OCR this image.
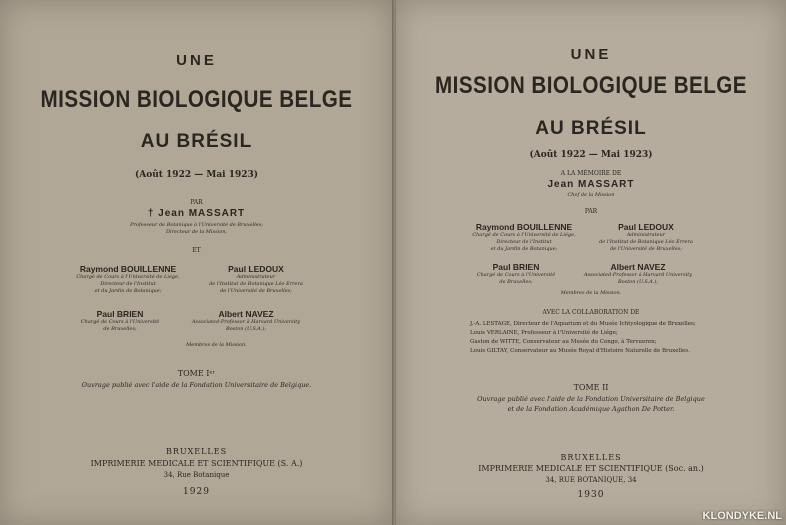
UNE
MISSION BIOLOGIQUE BELGE
AU BRÉSIL
(Août 1922 — Mai 1923)
PAR
† Jean MASSART
Professeur de Botanique à l'Université de Bruxelles;
Directeur de la Mission,
ET
Raymond BOUILLENNE
Chargé de Cours à l'Université de Liége,
Directeur de l'Institut
et du Jardin de Botanique;
Paul LEDOUX
Administrateur
de l'Institut de Botanique Léo Errera
de l'Université de Bruxelles;
Paul BRIEN
Chargé de Cours à l'Université
de Bruxelles;
Albert NAVEZ
Associated-Professor à Harvard University
Boston (U.S.A.);
Membres de la Mission.
TOME Iᵉʳ
Ouvrage publié avec l'aide de la Fondation Universitaire de Belgique.
BRUXELLES
IMPRIMERIE MEDICALE ET SCIENTIFIQUE (S. A.)
34, Rue Botanique
1929
UNE
MISSION BIOLOGIQUE BELGE
AU BRÉSIL
(Août 1922 — Mai 1923)
A LA MÉMOIRE DE
Jean MASSART
Chef de la Mission
PAR
Raymond BOUILLENNE
Chargé de Cours à l'Université de Liége,
Directeur de l'Institut
et du Jardin de Botanique;
Paul LEDOUX
Administrateur
de l'Institut de Botanique Léo Errera
de l'Université de Bruxelles;
Paul BRIEN
Chargé de Cours à l'Université
de Bruxelles;
Albert NAVEZ
Associated-Professor à Harvard University
Boston (U.S.A.);
Membres de la Mission.
AVEC LA COLLABORATION DE
J.-A. LESTAGE, Directeur de l'Aquarium et du Musée Ichtyologique de Bruxelles;
Louis VERLAINE, Professeur à l'Université de Liége;
Gaston de WITTE, Conservateur au Musée du Congo, à Tervueren;
Louis GILTAY, Conservateur au Musée Royal d'Histoire Naturelle de Bruxelles.
TOME II
Ouvrage publié avec l'aide de la Fondation Universitaire de Belgique
et de la Fondation Académique Agathon De Potter.
BRUXELLES
IMPRIMERIE MEDICALE ET SCIENTIFIQUE (Soc. an.)
34, RUE BOTANIQUE, 34
1930
KLONDYKE.NL
